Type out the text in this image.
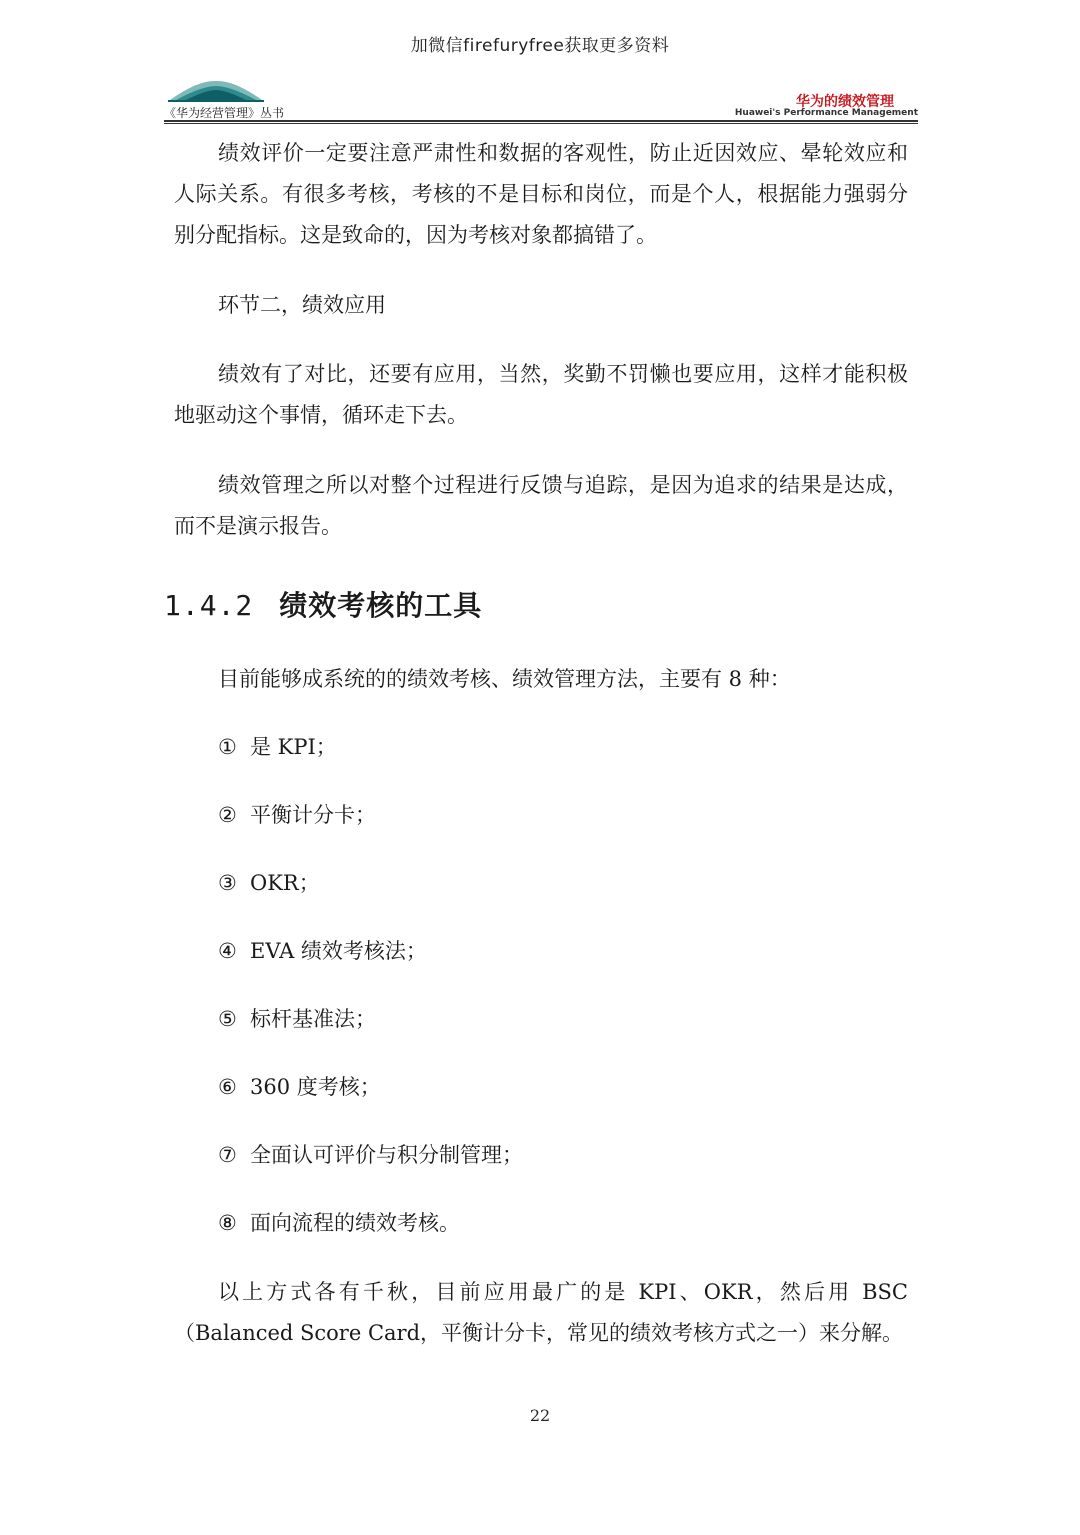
加微信firefuryfree获取更多资料
《华为经营管理》丛书
华为的绩效管理
Huawei's Performance Management

绩效评价一定要注意严肃性和数据的客观性，防止近因效应、晕轮效应和人际关系。有很多考核，考核的不是目标和岗位，而是个人，根据能力强弱分别分配指标。这是致命的，因为考核对象都搞错了。

环节二，绩效应用

绩效有了对比，还要有应用，当然，奖勤不罚懒也要应用，这样才能积极地驱动这个事情，循环走下去。

绩效管理之所以对整个过程进行反馈与追踪，是因为追求的结果是达成，而不是演示报告。

1.4.2 绩效考核的工具

目前能够成系统的的绩效考核、绩效管理方法，主要有 8 种：

① 是 KPI；

② 平衡计分卡；

③ OKR；

④ EVA 绩效考核法；

⑤ 标杆基准法；

⑥ 360 度考核；

⑦ 全面认可评价与积分制管理；

⑧ 面向流程的绩效考核。

以上方式各有千秋，目前应用最广的是 KPI、OKR，然后用 BSC（Balanced Score Card，平衡计分卡，常见的绩效考核方式之一）来分解。

22
